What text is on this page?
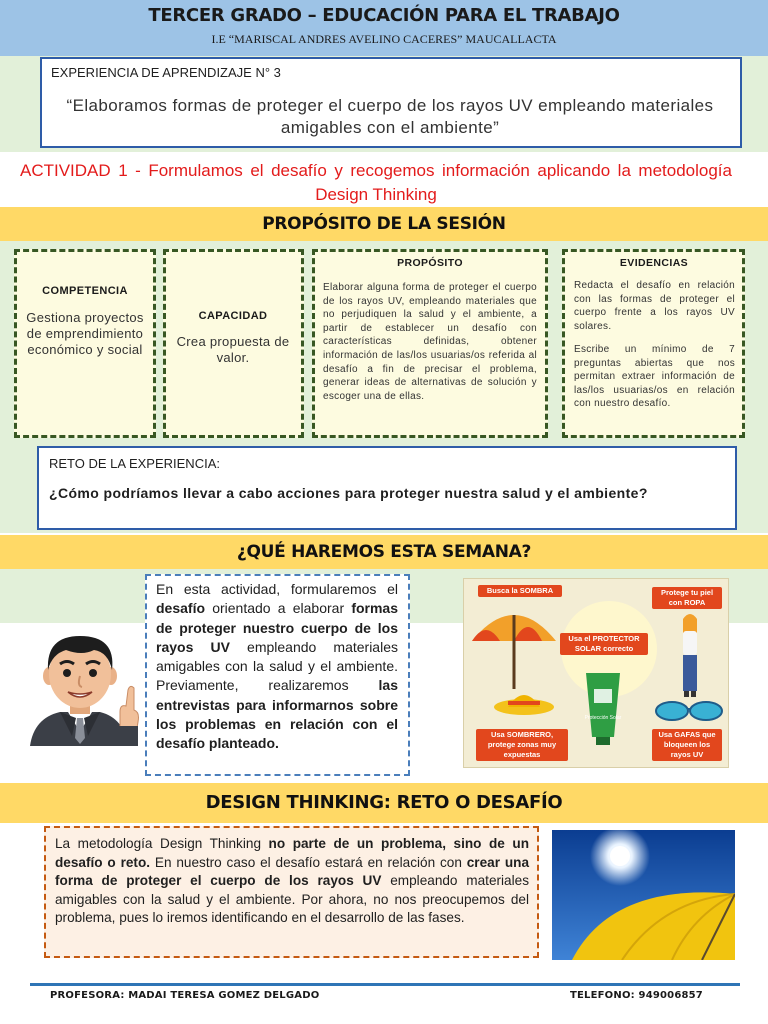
TERCER GRADO – EDUCACIÓN PARA EL TRABAJO
I.E “MARISCAL ANDRES AVELINO CACERES” MAUCALLACTA
EXPERIENCIA DE APRENDIZAJE N° 3
“Elaboramos formas de proteger el cuerpo de los rayos UV empleando materiales amigables con el ambiente”
ACTIVIDAD 1 - Formulamos el desafío y recogemos información aplicando la metodología Design Thinking
PROPÓSITO DE LA SESIÓN
COMPETENCIA
Gestiona proyectos de emprendimiento económico y social
CAPACIDAD
Crea propuesta de valor.
PROPÓSITO
Elaborar alguna forma de proteger el cuerpo de los rayos UV, empleando materiales que no perjudiquen la salud y el ambiente, a partir de establecer un desafío con características definidas, obtener información de las/los usuarias/os referida al desafío a fin de precisar el problema, generar ideas de alternativas de solución y escoger una de ellas.
EVIDENCIAS
Redacta el desafío en relación con las formas de proteger el cuerpo frente a los rayos UV solares.
Escribe un mínimo de 7 preguntas abiertas que nos permitan extraer información de las/los usuarias/os en relación con nuestro desafío.
RETO DE LA EXPERIENCIA:
¿Cómo podríamos llevar a cabo acciones para proteger nuestra salud y el ambiente?
¿QUÉ HAREMOS ESTA SEMANA?
En esta actividad, formularemos el desafío orientado a elaborar formas de proteger nuestro cuerpo de los rayos UV empleando materiales amigables con la salud y el ambiente. Previamente, realizaremos las entrevistas para informarnos sobre los problemas en relación con el desafío planteado.
Protección Solar
Busca la SOMBRA	Protege tu piel con ROPA
Usa el PROTECTOR SOLAR correcto
Usa SOMBRERO, protege zonas muy expuestas
Usa GAFAS que bloqueen los rayos UV
DESIGN THINKING: RETO O DESAFÍO
La metodología Design Thinking no parte de un problema, sino de un desafío o reto. En nuestro caso el desafío estará en relación con crear una forma de proteger el cuerpo de los rayos UV empleando materiales amigables con la salud y el ambiente. Por ahora, no nos preocupemos del problema, pues lo iremos identificando en el desarrollo de las fases.
PROFESORA: MADAI TERESA GOMEZ DELGADO	TELEFONO: 949006857
